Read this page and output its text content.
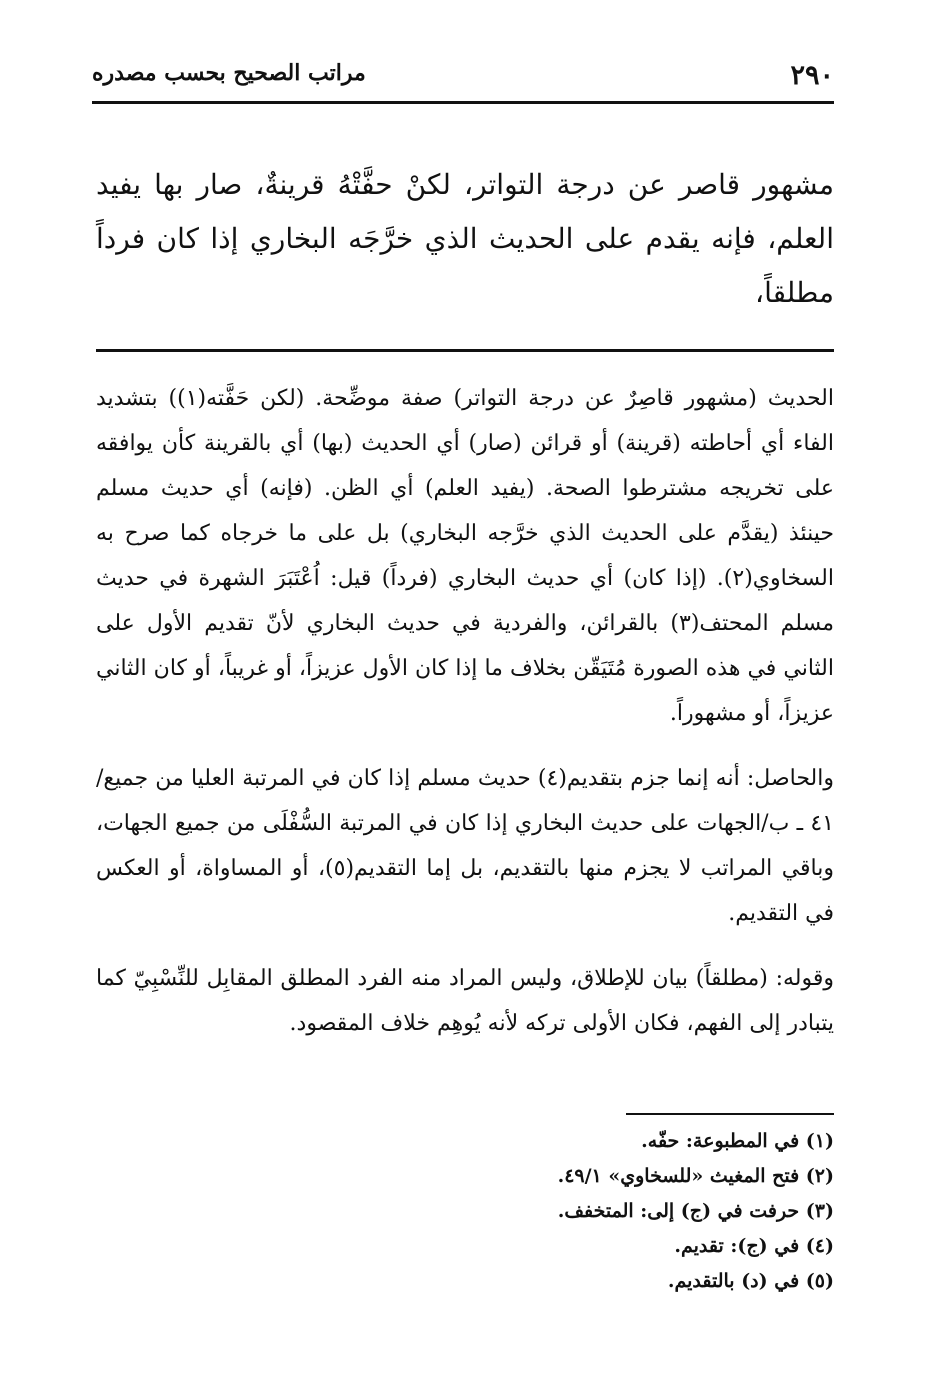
٢٩٠
مراتب الصحيح بحسب مصدره
مشهور قاصر عن درجة التواتر، لكنْ حفَّتْهُ قرينةٌ، صار بها يفيد العلم، فإنه يقدم على الحديث الذي خرَّجَه البخاري إذا كان فرداً مطلقاً،

الحديث (مشهور قاصِرٌ عن درجة التواتر) صفة موضِّحة. (لكن حَفَّته(١)) بتشديد الفاء أي أحاطته (قرينة) أو قرائن (صار) أي الحديث (بها) أي بالقرينة كأن يوافقه على تخريجه مشترطوا الصحة. (يفيد العلم) أي الظن. (فإنه) أي حديث مسلم حينئذ (يقدَّم على الحديث الذي خرَّجه البخاري) بل على ما خرجاه كما صرح به السخاوي(٢). (إذا كان) أي حديث البخاري (فرداً) قيل: اُعْتَبَرَ الشهرة في حديث مسلم المحتف(٣) بالقرائن، والفردية في حديث البخاري لأنّ تقديم الأول على الثاني في هذه الصورة مُتَيَقّن بخلاف ما إذا كان الأول عزيزاً، أو غريباً، أو كان الثاني عزيزاً، أو مشهوراً.

والحاصل: أنه إنما جزم بتقديم(٤) حديث مسلم إذا كان في المرتبة العليا من جميع/٤١ ـ ب/الجهات على حديث البخاري إذا كان في المرتبة السُّفْلَى من جميع الجهات، وباقي المراتب لا يجزم منها بالتقديم، بل إما التقديم(٥)، أو المساواة، أو العكس في التقديم.

وقوله: (مطلقاً) بيان للإطلاق، وليس المراد منه الفرد المطلق المقابِل للنِّسْبِيّ كما يتبادر إلى الفهم، فكان الأولى تركه لأنه يُوهِم خلاف المقصود.

(١) في المطبوعة: حفّه.
(٢) فتح المغيث «للسخاوي» ٤٩/١.
(٣) حرفت في (ج) إلى: المتخفف.
(٤) في (ج): تقديم.
(٥) في (د) بالتقديم.
